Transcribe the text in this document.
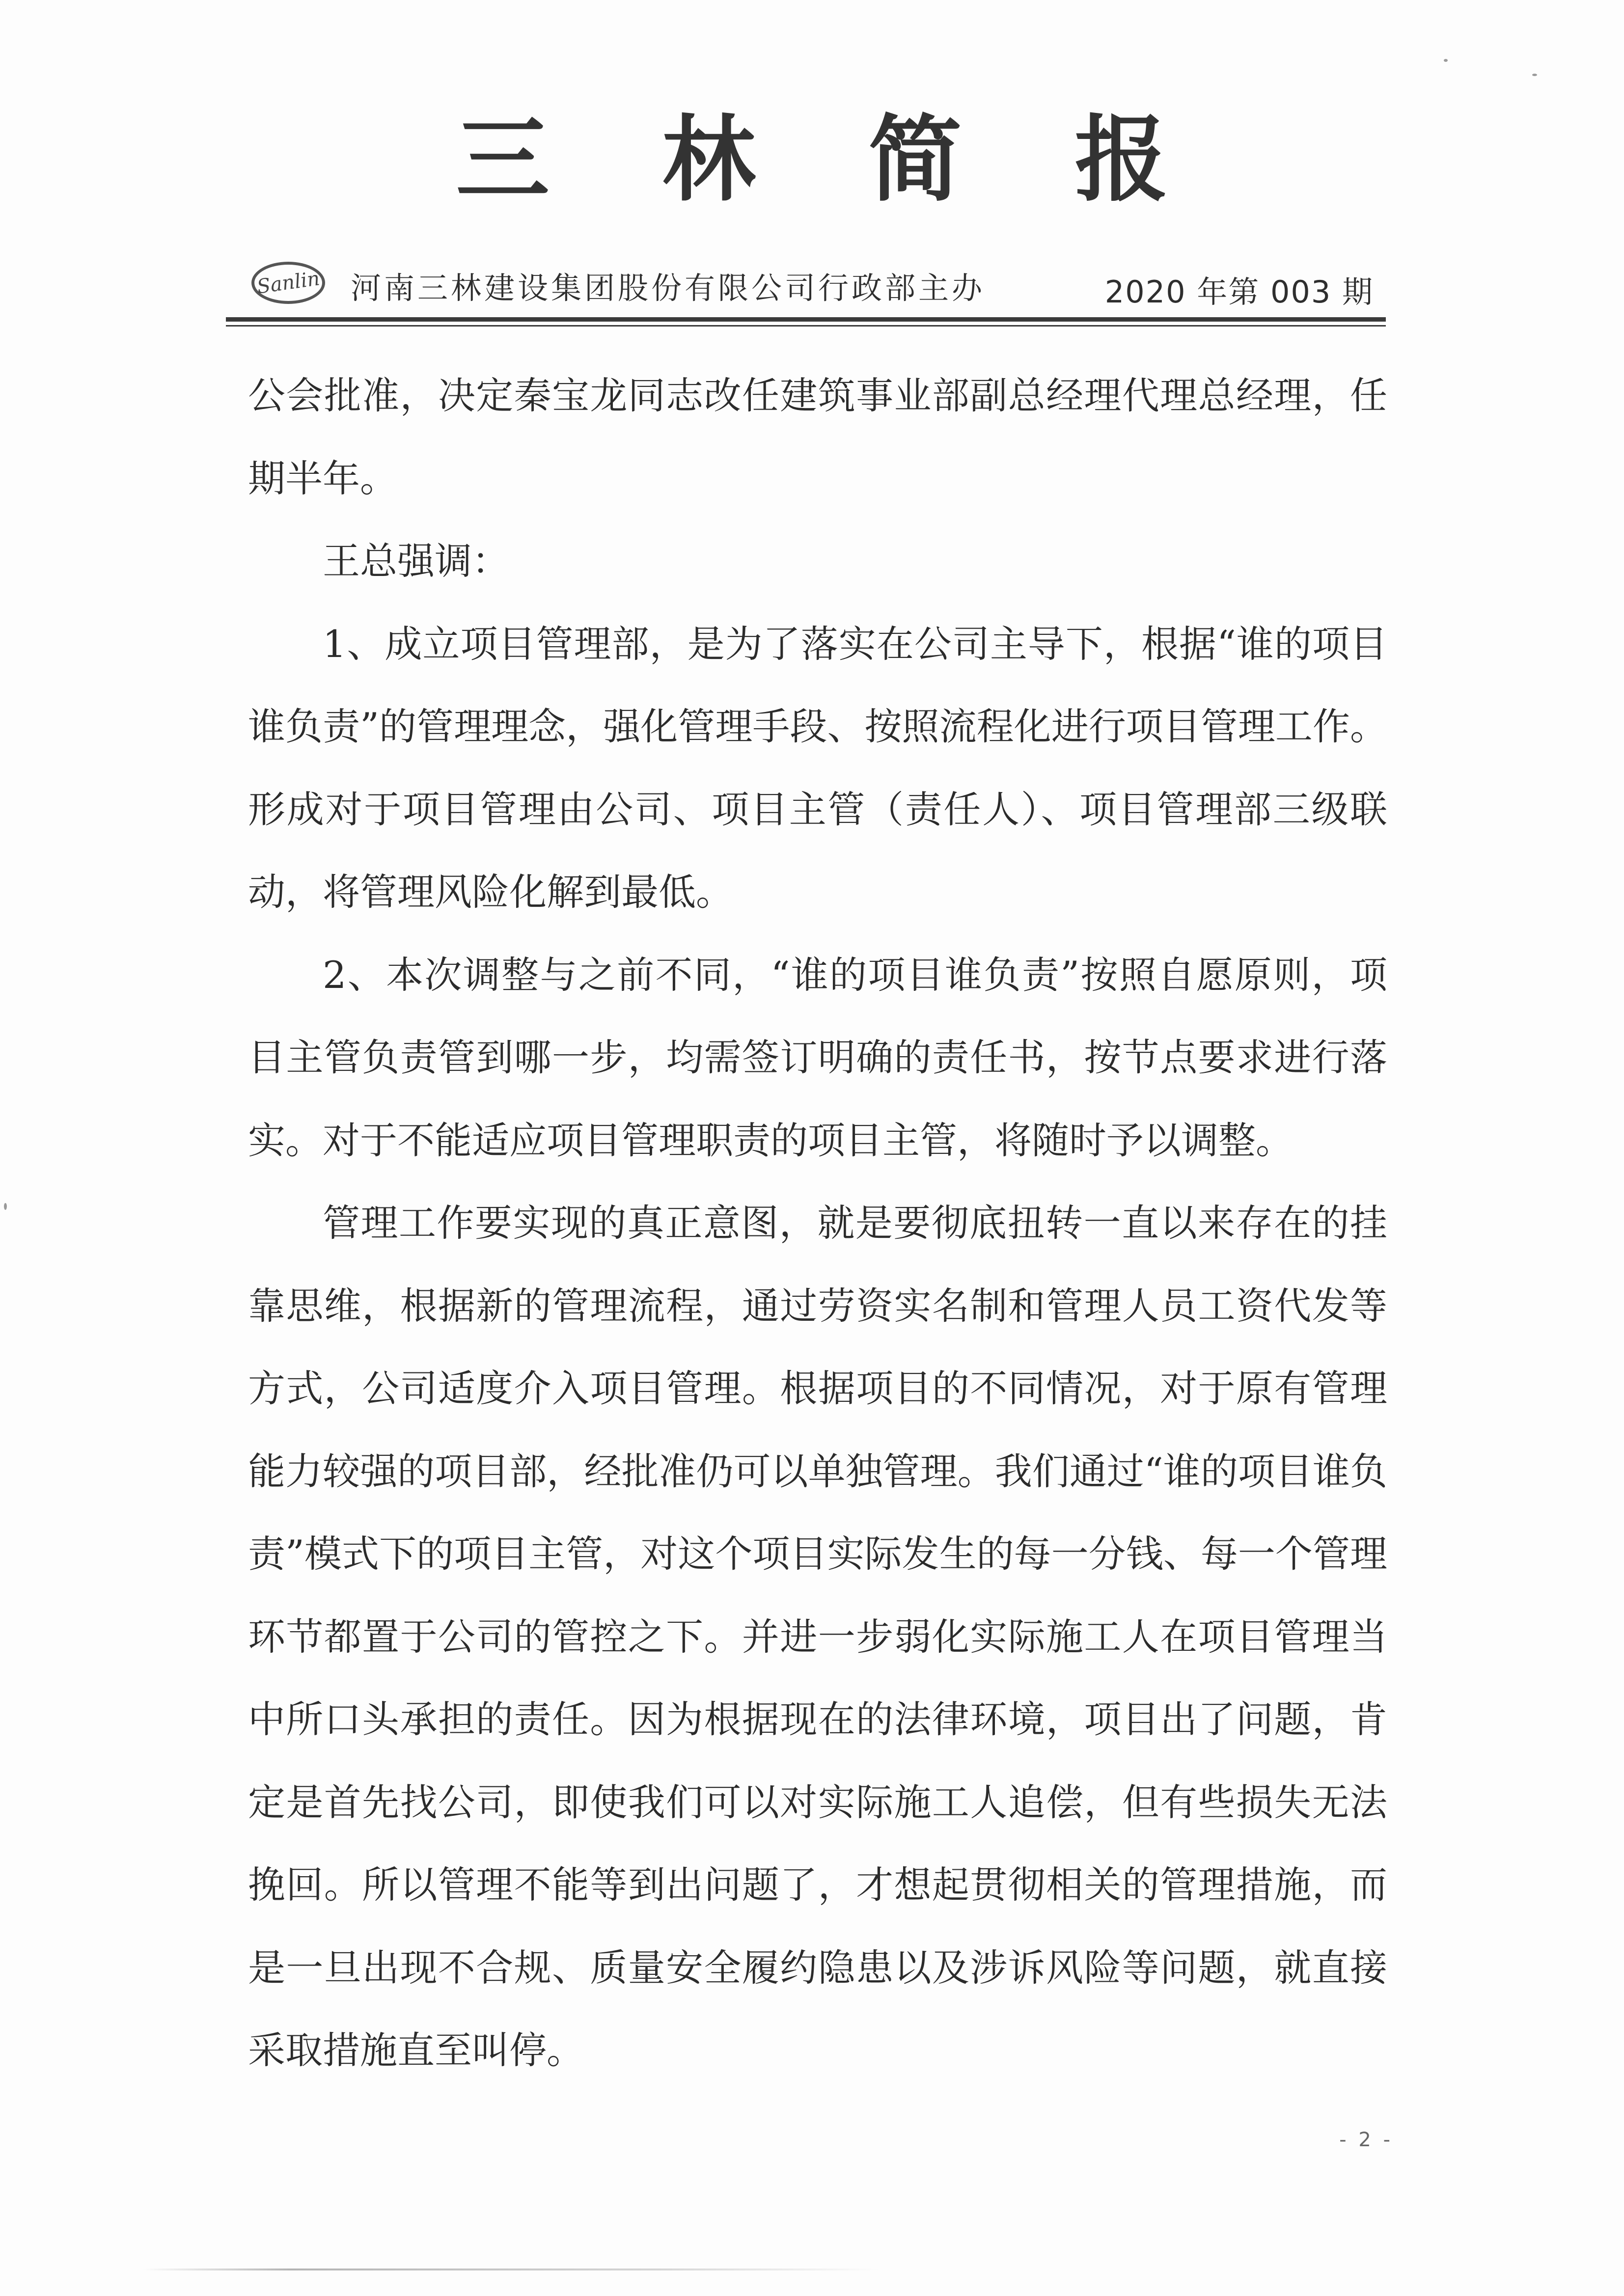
三林简报
Sanlin 河南三林建设集团股份有限公司行政部主办	2020 年第 003 期

公会批准，决定秦宝龙同志改任建筑事业部副总经理代理总经理，任期半年。

王总强调：

1、成立项目管理部，是为了落实在公司主导下，根据“谁的项目谁负责”的管理理念，强化管理手段、按照流程化进行项目管理工作。形成对于项目管理由公司、项目主管（责任人）、项目管理部三级联动，将管理风险化解到最低。

2、本次调整与之前不同，“谁的项目谁负责”按照自愿原则，项目主管负责管到哪一步，均需签订明确的责任书，按节点要求进行落实。对于不能适应项目管理职责的项目主管，将随时予以调整。

管理工作要实现的真正意图，就是要彻底扭转一直以来存在的挂靠思维，根据新的管理流程，通过劳资实名制和管理人员工资代发等方式，公司适度介入项目管理。根据项目的不同情况，对于原有管理能力较强的项目部，经批准仍可以单独管理。我们通过“谁的项目谁负责”模式下的项目主管，对这个项目实际发生的每一分钱、每一个管理环节都置于公司的管控之下。并进一步弱化实际施工人在项目管理当中所口头承担的责任。因为根据现在的法律环境，项目出了问题，肯定是首先找公司，即使我们可以对实际施工人追偿，但有些损失无法挽回。所以管理不能等到出问题了，才想起贯彻相关的管理措施，而是一旦出现不合规、质量安全履约隐患以及涉诉风险等问题，就直接采取措施直至叫停。

- 2 -
